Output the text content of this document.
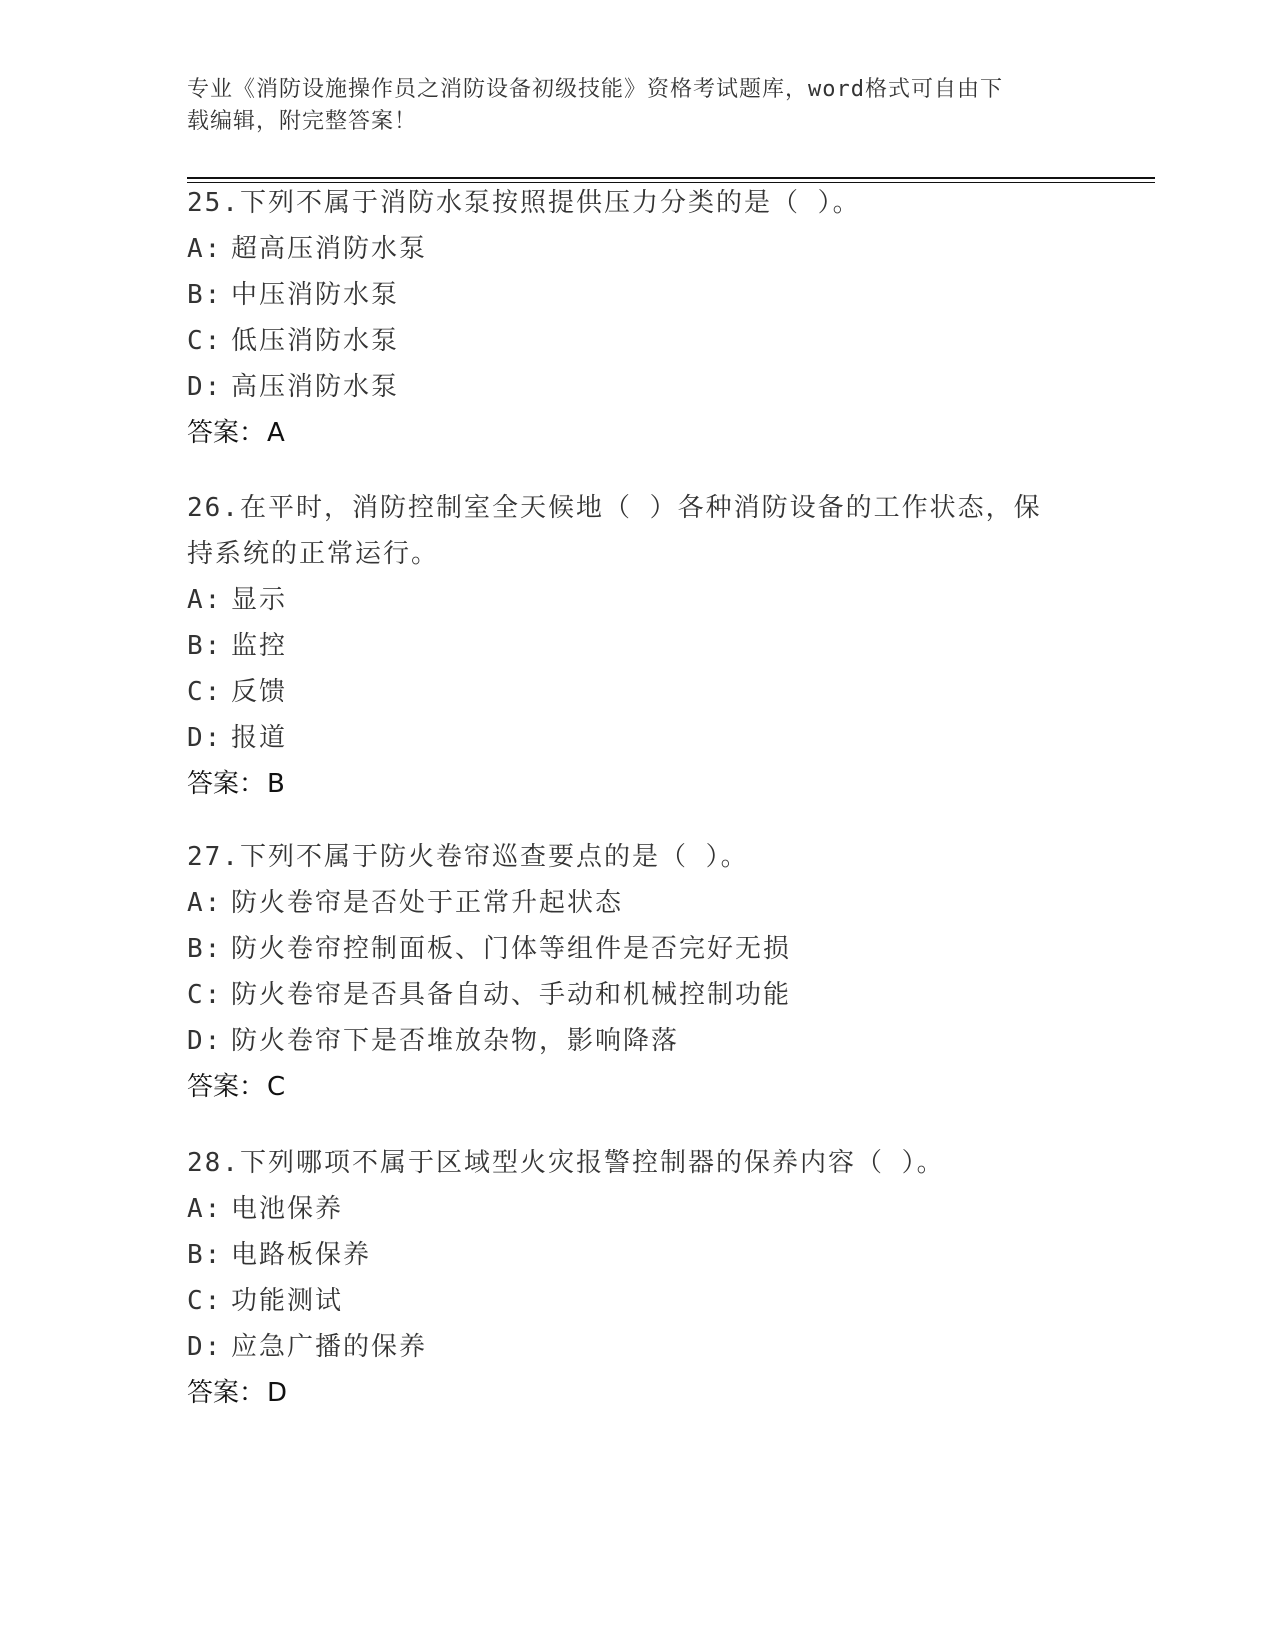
专业《消防设施操作员之消防设备初级技能》资格考试题库，word格式可自由下
载编辑，附完整答案！

25.下列不属于消防水泵按照提供压力分类的是（ ）。

A: 超高压消防水泵

B: 中压消防水泵

C: 低压消防水泵

D: 高压消防水泵

答案：A

26.在平时，消防控制室全天候地（ ）各种消防设备的工作状态，保

持系统的正常运行。

A: 显示

B: 监控

C: 反馈

D: 报道

答案：B

27.下列不属于防火卷帘巡查要点的是（ ）。

A: 防火卷帘是否处于正常升起状态

B: 防火卷帘控制面板、门体等组件是否完好无损

C: 防火卷帘是否具备自动、手动和机械控制功能

D: 防火卷帘下是否堆放杂物，影响降落

答案：C

28.下列哪项不属于区域型火灾报警控制器的保养内容（ ）。

A: 电池保养

B: 电路板保养

C: 功能测试

D: 应急广播的保养

答案：D
